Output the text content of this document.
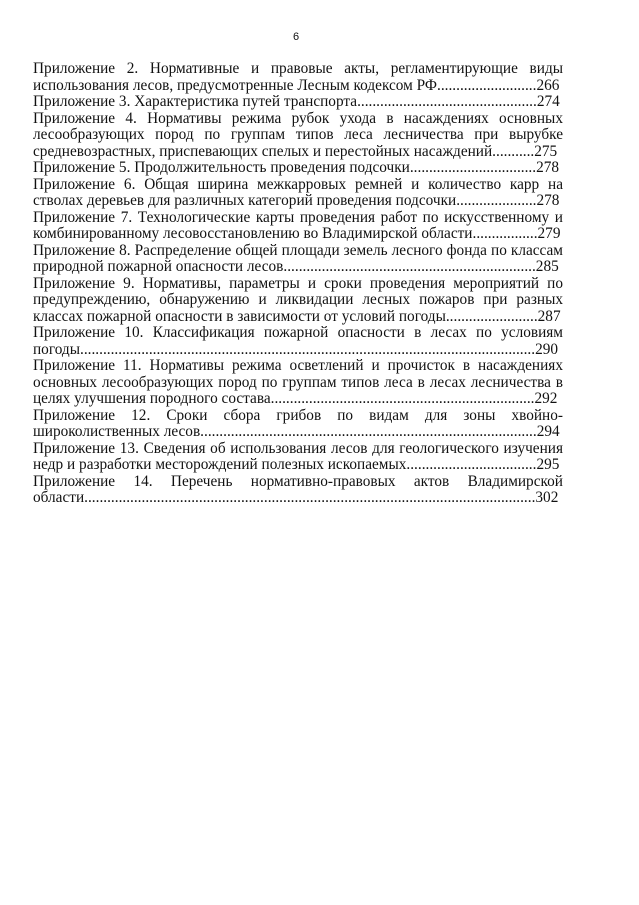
6
Приложение 2. Нормативные и правовые акты, регламентирующие виды использования лесов, предусмотренные Лесным кодексом РФ..........................266
Приложение 3. Характеристика путей транспорта...............................................274
Приложение 4. Нормативы режима рубок ухода в насаждениях основных лесообразующих пород по группам типов леса лесничества при вырубке средневозрастных, приспевающих спелых и перестойных насаждений...........275
Приложение 5. Продолжительность проведения подсочки.................................278
Приложение 6. Общая ширина межкарровых ремней и количество карр на стволах деревьев для различных категорий проведения подсочки.....................278
Приложение 7. Технологические карты проведения работ по искусственному и комбинированному лесовосстановлению во Владимирской области.................279
Приложение 8. Распределение общей площади земель лесного фонда по классам природной пожарной опасности лесов..................................................................285
Приложение 9. Нормативы, параметры и сроки проведения мероприятий по предупреждению, обнаружению и ликвидации лесных пожаров при разных классах пожарной опасности в зависимости от условий погоды........................287
Приложение 10. Классификация пожарной опасности в лесах по условиям погоды.......................................................................................................................290
Приложение 11. Нормативы режима осветлений и прочисток в насаждениях основных лесообразующих пород по группам типов леса в лесах лесничества в целях улучшения породного состава.....................................................................292
Приложение 12. Сроки сбора грибов по видам для зоны хвойно-широколиственных лесов........................................................................................294
Приложение 13. Сведения об использования лесов для геологического изучения недр и разработки месторождений полезных ископаемых..................................295
Приложение 14. Перечень нормативно-правовых актов Владимирской области......................................................................................................................302
